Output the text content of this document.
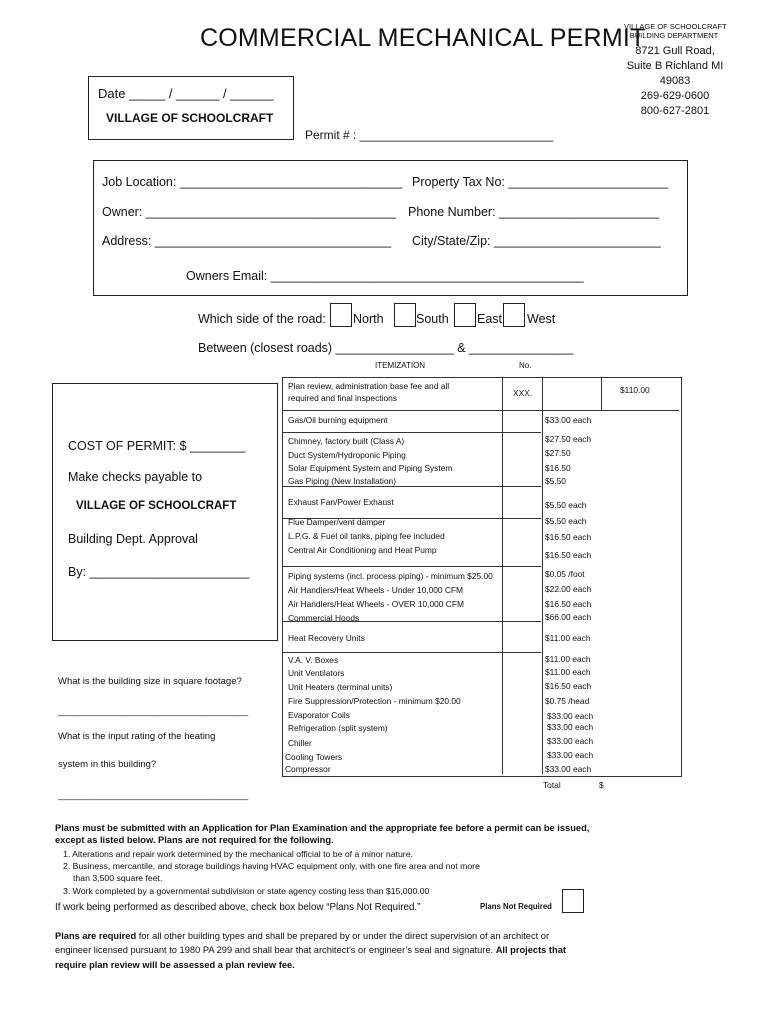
COMMERCIAL MECHANICAL PERMIT
VILLAGE OF SCHOOLCRAFT
BUILDING DEPARTMENT
8721 Gull Road,
Suite B Richland MI
49083
269-629-0600
800-627-2801
Date _____ / ______ / ______
VILLAGE OF SCHOOLCRAFT
Permit # : _____________________________
Job Location: ________________________________ Property Tax No: _______________________
Owner: ____________________________________ Phone Number: _______________________
Address: __________________________________ City/State/Zip: ________________________
Owners Email: _____________________________________________
Which side of the road: North	South East West
Between (closest roads) _________________ & _______________
ITEMIZATION	No.
COST OF PERMIT: $ ________
Make checks payable to
VILLAGE OF SCHOOLCRAFT
Building Dept. Approval
By: _______________________
What is the building size in square footage?
____________________________________
What is the input rating of the heating
system in this building?
____________________________________
Plan review, administration base fee and all
required and final inspections	XXX.	$110.00
Gas/Oil burning equipment	$33.00 each
Chimney, factory built (Class A)	$27.50 each
Duct System/Hydroponic Piping	$27.50
Solar Equipment System and Piping System	$16.50
Gas Piping (New Installation)	$5.50
Exhaust Fan/Power Exhaust	$5.50 each
Flue Damper/vent damper	$5.50 each
L.P.G. & Fuel oil tanks, piping fee included	$16.50 each
Central Air Conditioning and Heat Pump	$16.50 each
Piping systems (incl. process piping) - minimum $25.00	$0.05 /foot
Air Handlers/Heat Wheels - Under 10,000 CFM	$22.00 each
Air Handlers/Heat Wheels - OVER 10,000 CFM	$16.50 each
Commercial Hoods	$66.00 each
Heat Recovery Units	$11.00 each
V.A. V. Boxes	$11.00 each
Unit Ventilators	$11.00 each
Unit Heaters (terminal units)	$16.50 each
Fire Suppression/Protection - minimum $20.00	$0.75 /head
Evaporator Coils	$33.00 each
Refrigeration (split system)	$33.00 each
Chiller	$33.00 each
Cooling Towers	$33.00 each
Compressor	$33.00 each
Total	$
Plans must be submitted with an Application for Plan Examination and the appropriate fee before a permit can be issued,
except as listed below. Plans are not required for the following.
1. Alterations and repair work determined by the mechanical official to be of a minor nature.
2. Business, mercantile, and storage buildings having HVAC equipment only, with one fire area and not more
than 3,500 square feet.
3. Work completed by a governmental subdivision or state agency costing less than $15,000.00
If work being performed as described above, check box below “Plans Not Required.”	Plans Not Required
Plans are required for all other building types and shall be prepared by or under the direct supervision of an architect or
engineer licensed pursuant to 1980 PA 299 and shall bear that architect’s or engineer’s seal and signature. All projects that
require plan review will be assessed a plan review fee.
